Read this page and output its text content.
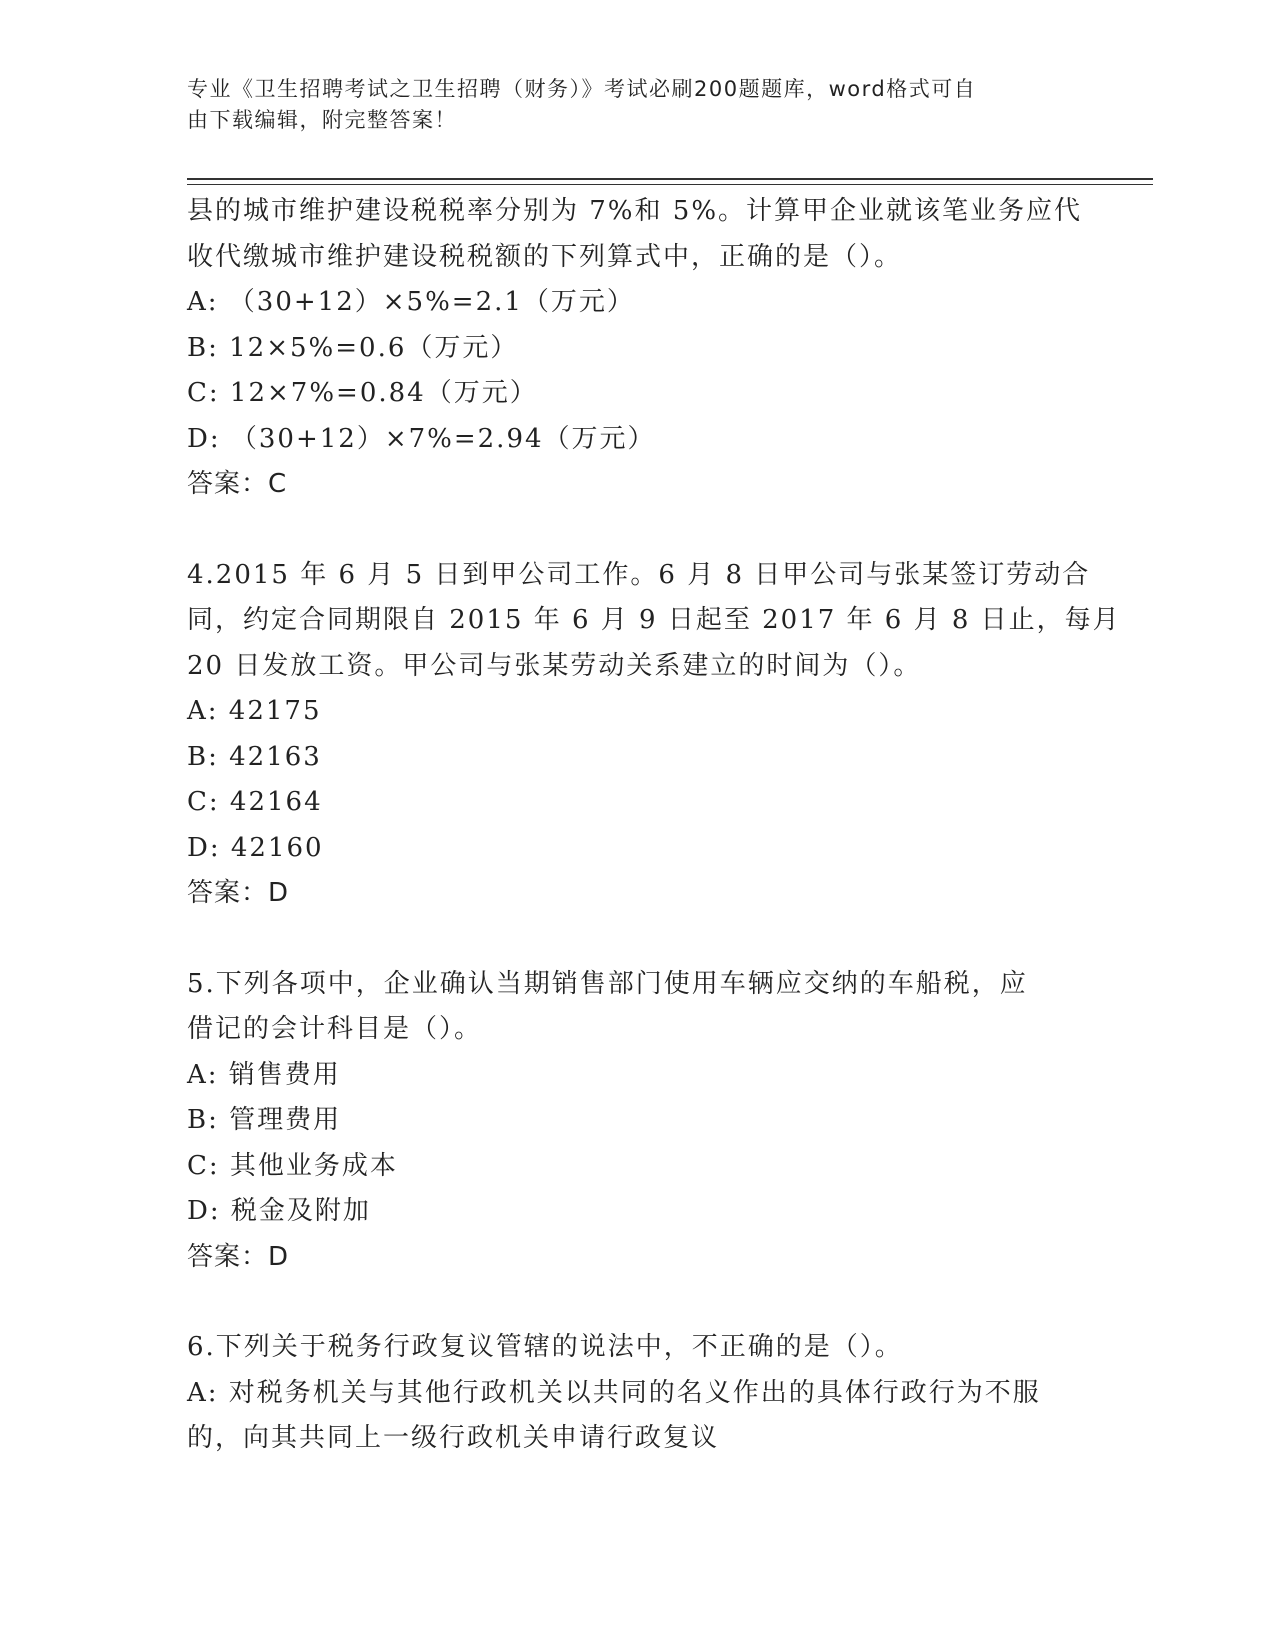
专业《卫生招聘考试之卫生招聘（财务）》考试必刷200题题库，word格式可自
由下载编辑，附完整答案！
县的城市维护建设税税率分别为 7%和 5%。计算甲企业就该笔业务应代
收代缴城市维护建设税税额的下列算式中，正确的是（）。
A: （30+12）×5%=2.1（万元）
B: 12×5%=0.6（万元）
C: 12×7%=0.84（万元）
D: （30+12）×7%=2.94（万元）
答案：C
4.2015 年 6 月 5 日到甲公司工作。6 月 8 日甲公司与张某签订劳动合
同，约定合同期限自 2015 年 6 月 9 日起至 2017 年 6 月 8 日止，每月
20 日发放工资。甲公司与张某劳动关系建立的时间为（）。
A: 42175
B: 42163
C: 42164
D: 42160
答案：D
5.下列各项中，企业确认当期销售部门使用车辆应交纳的车船税，应
借记的会计科目是（）。
A: 销售费用
B: 管理费用
C: 其他业务成本
D: 税金及附加
答案：D
6.下列关于税务行政复议管辖的说法中，不正确的是（）。
A: 对税务机关与其他行政机关以共同的名义作出的具体行政行为不服
的，向其共同上一级行政机关申请行政复议
